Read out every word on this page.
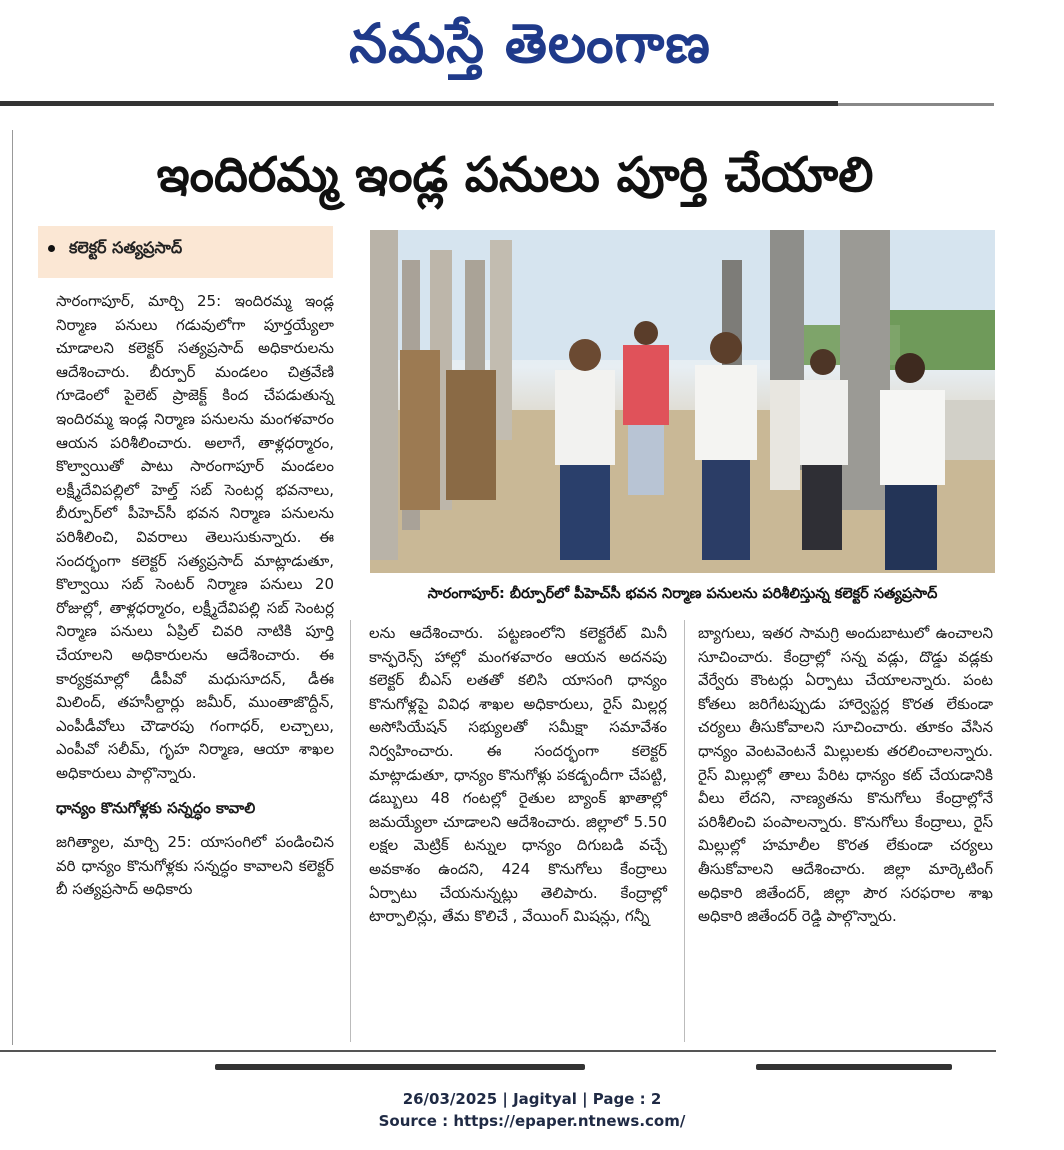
నమస్తే తెలంగాణ
ఇందిరమ్మ ఇండ్ల పనులు పూర్తి చేయాలి
కలెక్టర్ సత్యప్రసాద్
సారంగాపూర్: బీర్పూర్‌లో పీహెచ్‌సీ భవన నిర్మాణ పనులను పరిశీలిస్తున్న కలెక్టర్ సత్యప్రసాద్

సారంగాపూర్, మార్చి 25: ఇందిరమ్మ ఇండ్ల నిర్మాణ పనులు గడువులోగా పూర్తయ్యేలా చూడాలని కలెక్టర్ సత్యప్రసాద్ అధికారులను ఆదేశించారు. బీర్పూర్ మండలం చిత్రవేణి గూడెంలో పైలెట్ ప్రాజెక్ట్ కింద చేపడుతున్న ఇందిరమ్మ ఇండ్ల నిర్మాణ పనులను మంగళవారం ఆయన పరిశీలించారు. అలాగే, తాళ్లధర్మారం, కొల్వాయితో పాటు సారంగాపూర్ మండలం లక్ష్మీదేవిపల్లిలో హెల్త్ సబ్ సెంటర్ల భవనాలు, బీర్పూర్‌లో పీహెచ్‌సీ భవన నిర్మాణ పనులను పరిశీలించి, వివరాలు తెలుసుకున్నారు. ఈ సందర్భంగా కలెక్టర్ సత్యప్రసాద్ మాట్లాడుతూ, కొల్వాయి సబ్ సెంటర్ నిర్మాణ పనులు 20 రోజుల్లో, తాళ్లధర్మారం, లక్ష్మీదేవిపల్లి సబ్ సెంటర్ల నిర్మాణ పనులు ఏప్రిల్ చివరి నాటికి పూర్తి చేయాలని అధికారులను ఆదేశించారు. ఈ కార్యక్రమాల్లో డీపీవో మధుసూదన్, డీఈ మిలింద్, తహసీల్దార్లు జమీర్, ముంతాజొద్దీన్, ఎంపీడీవోలు చౌడారపు గంగాధర్, లచ్చాలు, ఎంపీవో సలీమ్, గృహ నిర్మాణ, ఆయా శాఖల అధికారులు పాల్గొన్నారు.

ధాన్యం కొనుగోళ్లకు సన్నద్ధం కావాలి

జగిత్యాల, మార్చి 25: యాసంగిలో పండించిన వరి ధాన్యం కొనుగోళ్లకు సన్నద్ధం కావాలని కలెక్టర్ బీ సత్యప్రసాద్ అధికారు

లను ఆదేశించారు. పట్టణంలోని కలెక్టరేట్ మినీ కాన్ఫరెన్స్ హాల్లో మంగళవారం ఆయన అదనపు కలెక్టర్ బీఎస్ లతతో కలిసి యాసంగి ధాన్యం కొనుగోళ్లపై వివిధ శాఖల అధికారులు, రైస్ మిల్లర్ల అసోసియేషన్ సభ్యులతో సమీక్షా సమావేశం నిర్వహించారు. ఈ సందర్భంగా కలెక్టర్ మాట్లాడుతూ, ధాన్యం కొనుగోళ్లు పకడ్బందీగా చేపట్టి, డబ్బులు 48 గంటల్లో రైతుల బ్యాంక్ ఖాతాల్లో జమయ్యేలా చూడాలని ఆదేశించారు. జిల్లాలో 5.50 లక్షల మెట్రిక్ టన్నుల ధాన్యం దిగుబడి వచ్చే అవకాశం ఉందని, 424 కొనుగోలు కేంద్రాలు ఏర్పాటు చేయనున్నట్లు తెలిపారు. కేంద్రాల్లో టార్పాలిన్లు, తేమ కొలిచే , వేయింగ్ మిషన్లు, గన్నీ

బ్యాగులు, ఇతర సామగ్రి అందుబాటులో ఉంచాలని సూచించారు. కేంద్రాల్లో సన్న వడ్లు, దొడ్డు వడ్లకు వేర్వేరు కౌంటర్లు ఏర్పాటు చేయాలన్నారు. పంట కోతలు జరిగేటప్పుడు హార్వెస్టర్ల కొరత లేకుండా చర్యలు తీసుకోవాలని సూచించారు. తూకం వేసిన ధాన్యం వెంటవెంటనే మిల్లులకు తరలించాలన్నారు. రైస్ మిల్లుల్లో తాలు పేరిట ధాన్యం కట్ చేయడానికి వీలు లేదని, నాణ్యతను కొనుగోలు కేంద్రాల్లోనే పరిశీలించి పంపాలన్నారు. కొనుగోలు కేంద్రాలు, రైస్ మిల్లుల్లో హమాలీల కొరత లేకుండా చర్యలు తీసుకోవాలని ఆదేశించారు. జిల్లా మార్కెటింగ్ అధికారి జితేందర్, జిల్లా పౌర సరఫరాల శాఖ అధికారి జితేందర్ రెడ్డి పాల్గొన్నారు.

26/03/2025 | Jagityal | Page : 2
Source : https://epaper.ntnews.com/
